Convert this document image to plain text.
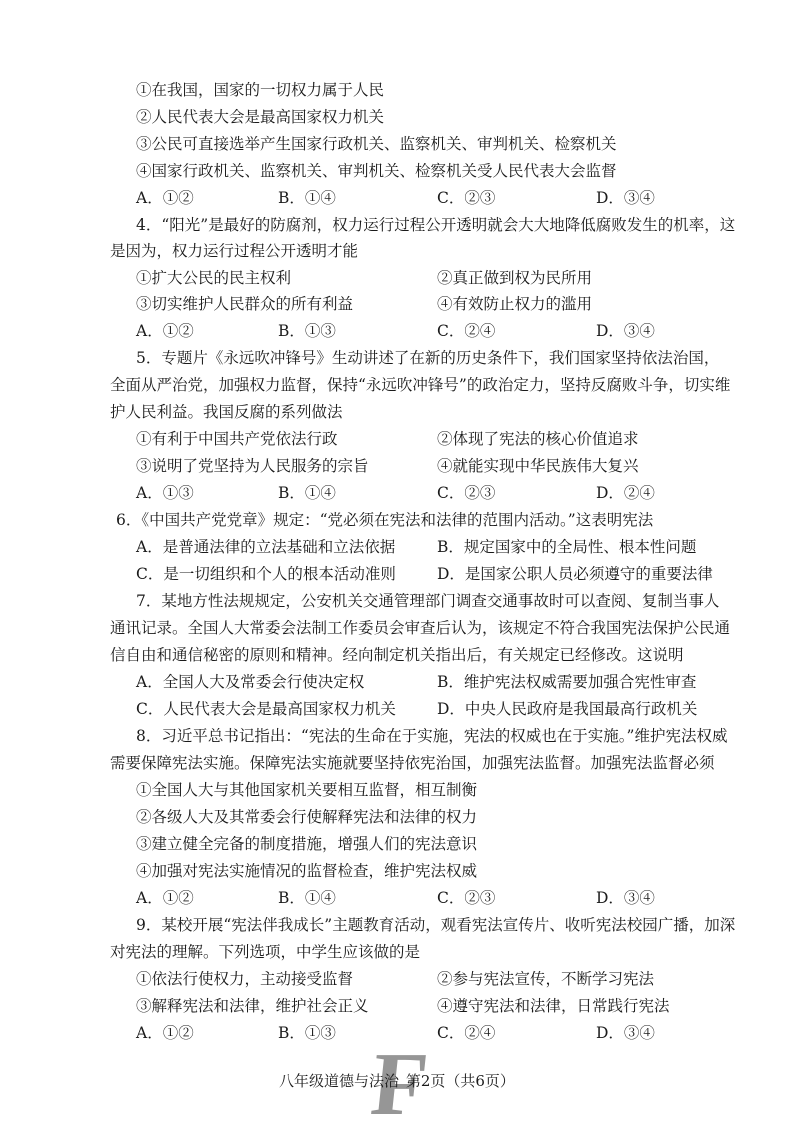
①在我国，国家的一切权力属于人民
②人民代表大会是最高国家权力机关
③公民可直接选举产生国家行政机关、监察机关、审判机关、检察机关
④国家行政机关、监察机关、审判机关、检察机关受人民代表大会监督
A．①②	B．①④	C．②③	D．③④
4．“阳光”是最好的防腐剂，权力运行过程公开透明就会大大地降低腐败发生的机率，这
是因为，权力运行过程公开透明才能
①扩大公民的民主权利	②真正做到权为民所用
③切实维护人民群众的所有利益	④有效防止权力的滥用
A．①②	B．①③	C．②④	D．③④
5．专题片《永远吹冲锋号》生动讲述了在新的历史条件下，我们国家坚持依法治国，
全面从严治党，加强权力监督，保持“永远吹冲锋号”的政治定力，坚持反腐败斗争，切实维
护人民利益。我国反腐的系列做法
①有利于中国共产党依法行政	②体现了宪法的核心价值追求
③说明了党坚持为人民服务的宗旨	④就能实现中华民族伟大复兴
A．①③	B．①④	C．②③	D．②④
6．《中国共产党党章》规定：“党必须在宪法和法律的范围内活动。”这表明宪法
A．是普通法律的立法基础和立法依据	B．规定国家中的全局性、根本性问题
C．是一切组织和个人的根本活动准则	D．是国家公职人员必须遵守的重要法律
7．某地方性法规规定，公安机关交通管理部门调查交通事故时可以查阅、复制当事人
通讯记录。全国人大常委会法制工作委员会审查后认为，该规定不符合我国宪法保护公民通
信自由和通信秘密的原则和精神。经向制定机关指出后，有关规定已经修改。这说明
A．全国人大及常委会行使决定权	B．维护宪法权威需要加强合宪性审查
C．人民代表大会是最高国家权力机关	D．中央人民政府是我国最高行政机关
8．习近平总书记指出：“宪法的生命在于实施，宪法的权威也在于实施。”维护宪法权威
需要保障宪法实施。保障宪法实施就要坚持依宪治国，加强宪法监督。加强宪法监督必须
①全国人大与其他国家机关要相互监督，相互制衡
②各级人大及其常委会行使解释宪法和法律的权力
③建立健全完备的制度措施，增强人们的宪法意识
④加强对宪法实施情况的监督检查，维护宪法权威
A．①②	B．①④	C．②③	D．③④
9．某校开展“宪法伴我成长”主题教育活动，观看宪法宣传片、收听宪法校园广播，加深
对宪法的理解。下列选项，中学生应该做的是
①依法行使权力，主动接受监督	②参与宪法宣传，不断学习宪法
③解释宪法和法律，维护社会正义	④遵守宪法和法律，日常践行宪法
A．①②	B．①③	C．②④	D．③④
F
八年级道德与法治 第2页（共6页）
